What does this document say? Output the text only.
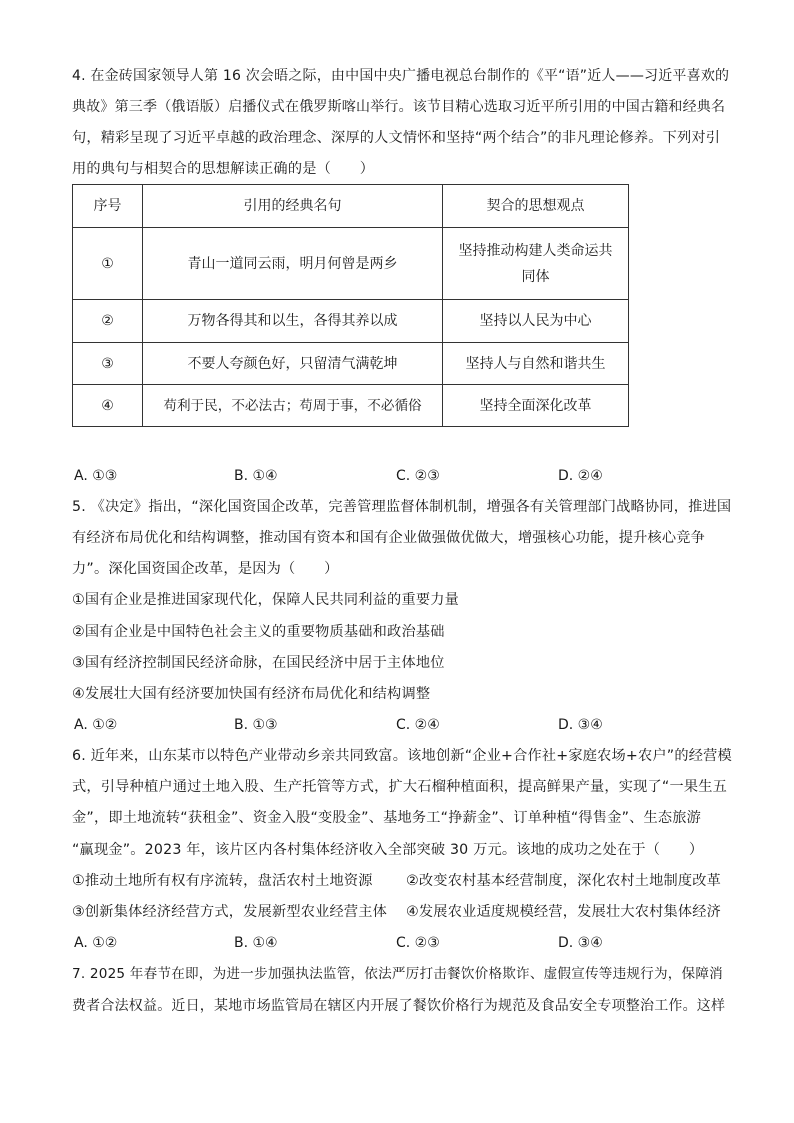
4. 在金砖国家领导人第 16 次会晤之际，由中国中央广播电视总台制作的《平“语”近人——习近平喜欢的
典故》第三季（俄语版）启播仪式在俄罗斯喀山举行。该节目精心选取习近平所引用的中国古籍和经典名
句，精彩呈现了习近平卓越的政治理念、深厚的人文情怀和坚持“两个结合”的非凡理论修养。下列对引
用的典句与相契合的思想解读正确的是（　　）
序号	引用的经典名句	契合的思想观点
①	青山一道同云雨，明月何曾是两乡	坚持推动构建人类命运共同体
②	万物各得其和以生，各得其养以成	坚持以人民为中心
③	不要人夸颜色好，只留清气满乾坤	坚持人与自然和谐共生
④	苟利于民，不必法古；苟周于事，不必循俗	坚持全面深化改革
A. ①③	B. ①④	C. ②③	D. ②④
5. 《决定》指出，“深化国资国企改革，完善管理监督体制机制，增强各有关管理部门战略协同，推进国
有经济布局优化和结构调整，推动国有资本和国有企业做强做优做大，增强核心功能，提升核心竞争
力”。深化国资国企改革，是因为（　　）
①国有企业是推进国家现代化，保障人民共同利益的重要力量
②国有企业是中国特色社会主义的重要物质基础和政治基础
③国有经济控制国民经济命脉，在国民经济中居于主体地位
④发展壮大国有经济要加快国有经济布局优化和结构调整
A. ①②	B. ①③	C. ②④	D. ③④
6. 近年来，山东某市以特色产业带动乡亲共同致富。该地创新“企业+合作社+家庭农场+农户”的经营模
式，引导种植户通过土地入股、生产托管等方式，扩大石榴种植面积，提高鲜果产量，实现了“一果生五
金”，即土地流转“获租金”、资金入股“变股金”、基地务工“挣薪金”、订单种植“得售金”、生态旅游
“赢现金”。2023 年，该片区内各村集体经济收入全部突破 30 万元。该地的成功之处在于（　　）
①推动土地所有权有序流转，盘活农村土地资源	②改变农村基本经营制度，深化农村土地制度改革
③创新集体经济经营方式，发展新型农业经营主体	④发展农业适度规模经营，发展壮大农村集体经济
A. ①②	B. ①④	C. ②③	D. ③④
7. 2025 年春节在即，为进一步加强执法监管，依法严厉打击餐饮价格欺诈、虚假宣传等违规行为，保障消
费者合法权益。近日，某地市场监管局在辖区内开展了餐饮价格行为规范及食品安全专项整治工作。这样
